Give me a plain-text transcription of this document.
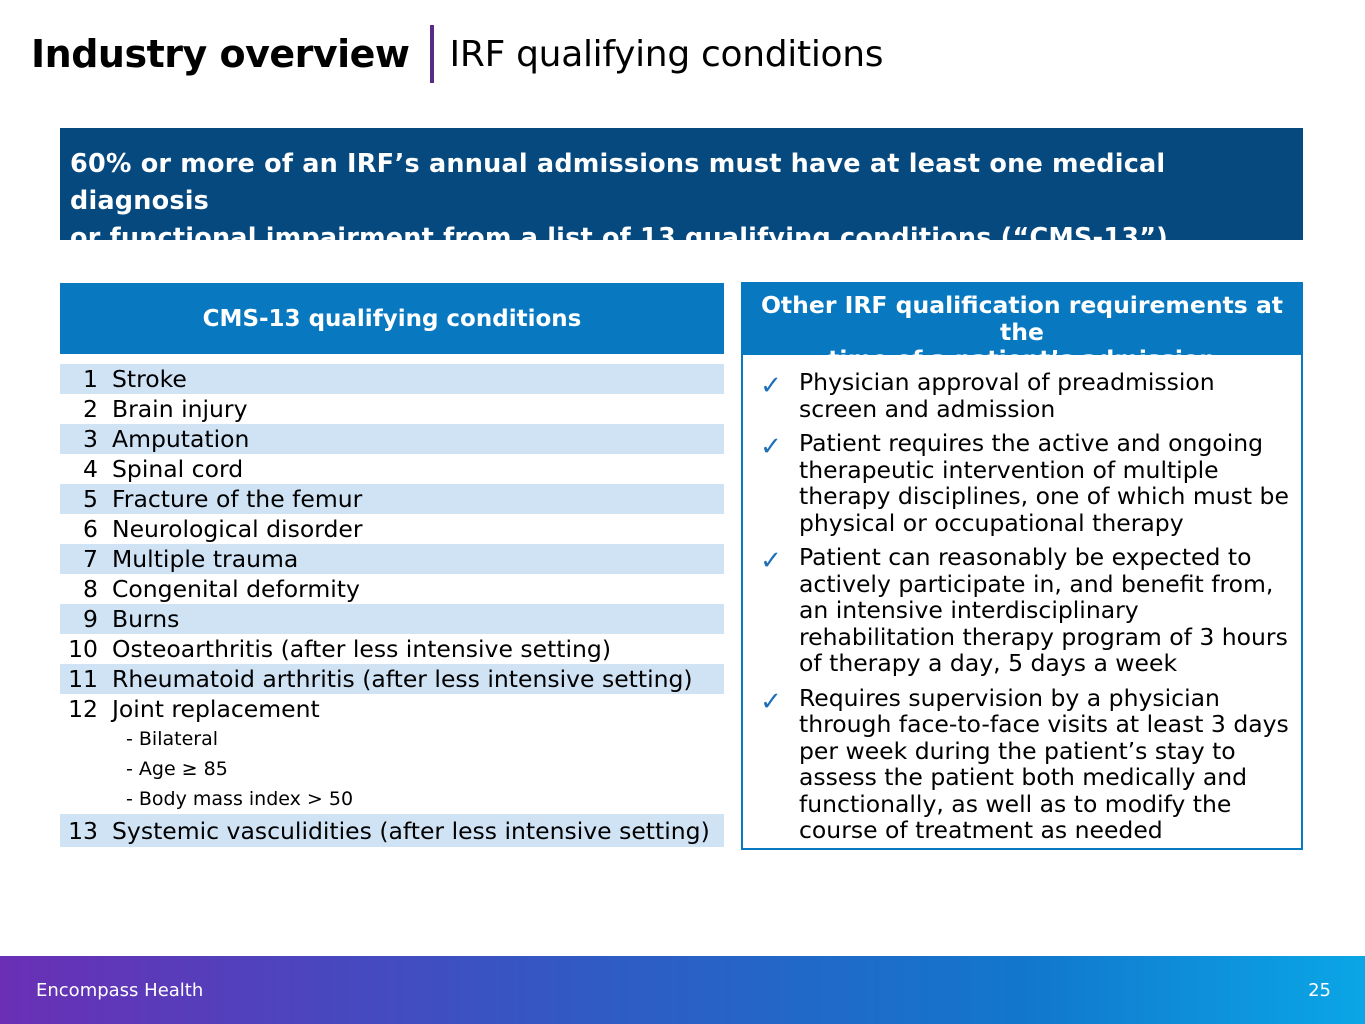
Industry overview IRF qualifying conditions
60% or more of an IRF’s annual admissions must have at least one medical diagnosis
or functional impairment from a list of 13 qualifying conditions (“CMS-13”).
CMS-13 qualifying conditions
1 Stroke
2 Brain injury
3 Amputation
4 Spinal cord
5 Fracture of the femur
6 Neurological disorder
7 Multiple trauma
8 Congenital deformity
9 Burns
10 Osteoarthritis (after less intensive setting)
11 Rheumatoid arthritis (after less intensive setting)
12 Joint replacement
- Bilateral
- Age ≥ 85
- Body mass index > 50
13 Systemic vasculidities (after less intensive setting)
Other IRF qualification requirements at the
time of a patient’s admission
✓ Physician approval of preadmission
screen and admission
✓ Patient requires the active and ongoing
therapeutic intervention of multiple
therapy disciplines, one of which must be
physical or occupational therapy
✓ Patient can reasonably be expected to
actively participate in, and benefit from,
an intensive interdisciplinary
rehabilitation therapy program of 3 hours
of therapy a day, 5 days a week
✓ Requires supervision by a physician
through face-to-face visits at least 3 days
per week during the patient’s stay to
assess the patient both medically and
functionally, as well as to modify the
course of treatment as needed
Encompass Health	25
